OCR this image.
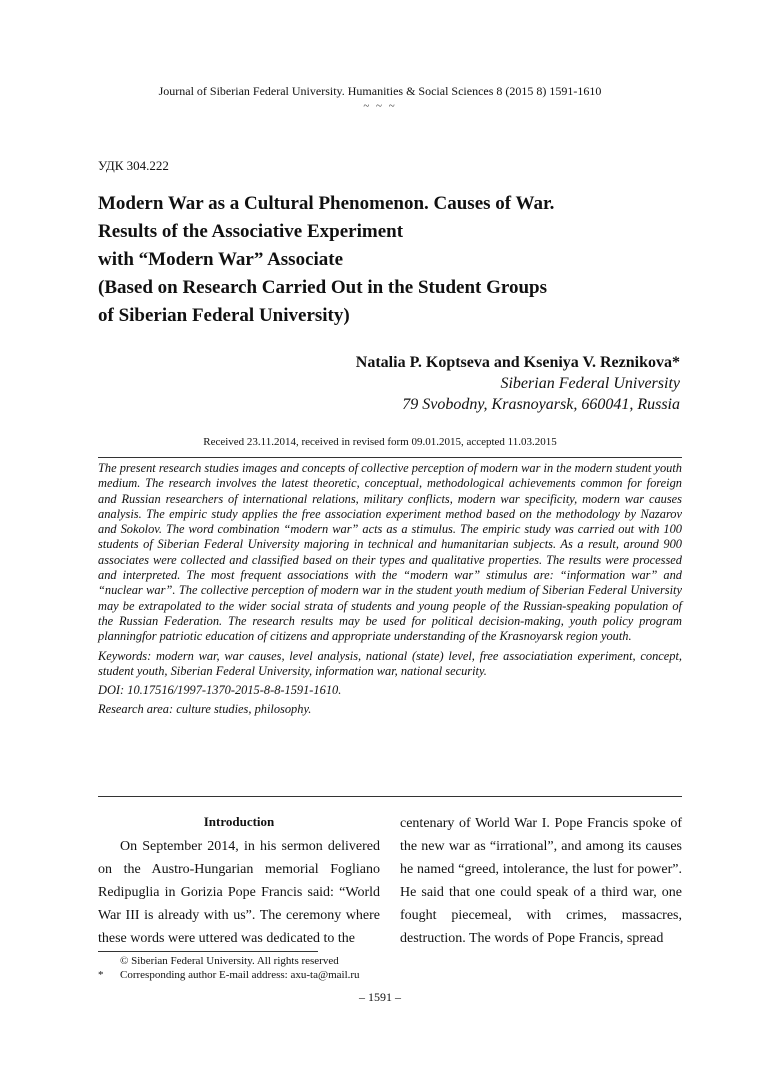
Journal of Siberian Federal University. Humanities & Social Sciences 8 (2015 8) 1591-1610
~ ~ ~
УДК 304.222
Modern War as a Cultural Phenomenon. Causes of War.
Results of the Associative Experiment
with “Modern War” Associate
(Based on Research Carried Out in the Student Groups
of Siberian Federal University)
Natalia P. Koptseva and Kseniya V. Reznikova*
Siberian Federal University
79 Svobodny, Krasnoyarsk, 660041, Russia
Received 23.11.2014, received in revised form 09.01.2015, accepted 11.03.2015

The present research studies images and concepts of collective perception of modern war in the modern student youth medium. The research involves the latest theoretic, conceptual, methodological achievements common for foreign and Russian researchers of international relations, military conflicts, modern war specificity, modern war causes analysis. The empiric study applies the free association experiment method based on the methodology by Nazarov and Sokolov. The word combination “modern war” acts as a stimulus. The empiric study was carried out with 100 students of Siberian Federal University majoring in technical and humanitarian subjects. As a result, around 900 associates were collected and classified based on their types and qualitative properties. The results were processed and interpreted. The most frequent associations with the “modern war” stimulus are: “information war” and “nuclear war”. The collective perception of modern war in the student youth medium of Siberian Federal University may be extrapolated to the wider social strata of students and young people of the Russian-speaking population of the Russian Federation. The research results may be used for political decision-making, youth policy program planningfor patriotic education of citizens and appropriate understanding of the Krasnoyarsk region youth.

Keywords: modern war, war causes, level analysis, national (state) level, free associatiation experiment, concept, student youth, Siberian Federal University, information war, national security.

DOI: 10.17516/1997-1370-2015-8-8-1591-1610.

Research area: culture studies, philosophy.

Introduction

On September 2014, in his sermon delivered on the Austro-Hungarian memorial Fogliano Redipuglia in Gorizia Pope Francis said: “World War III is already with us”. The ceremony where these words were uttered was dedicated to the

centenary of World War I. Pope Francis spoke of the new war as “irrational”, and among its causes he named “greed, intolerance, the lust for power”. He said that one could speak of a third war, one fought piecemeal, with crimes, massacres, destruction. The words of Pope Francis, spread

© Siberian Federal University. All rights reserved
* Corresponding author E-mail address: axu-ta@mail.ru
– 1591 –
